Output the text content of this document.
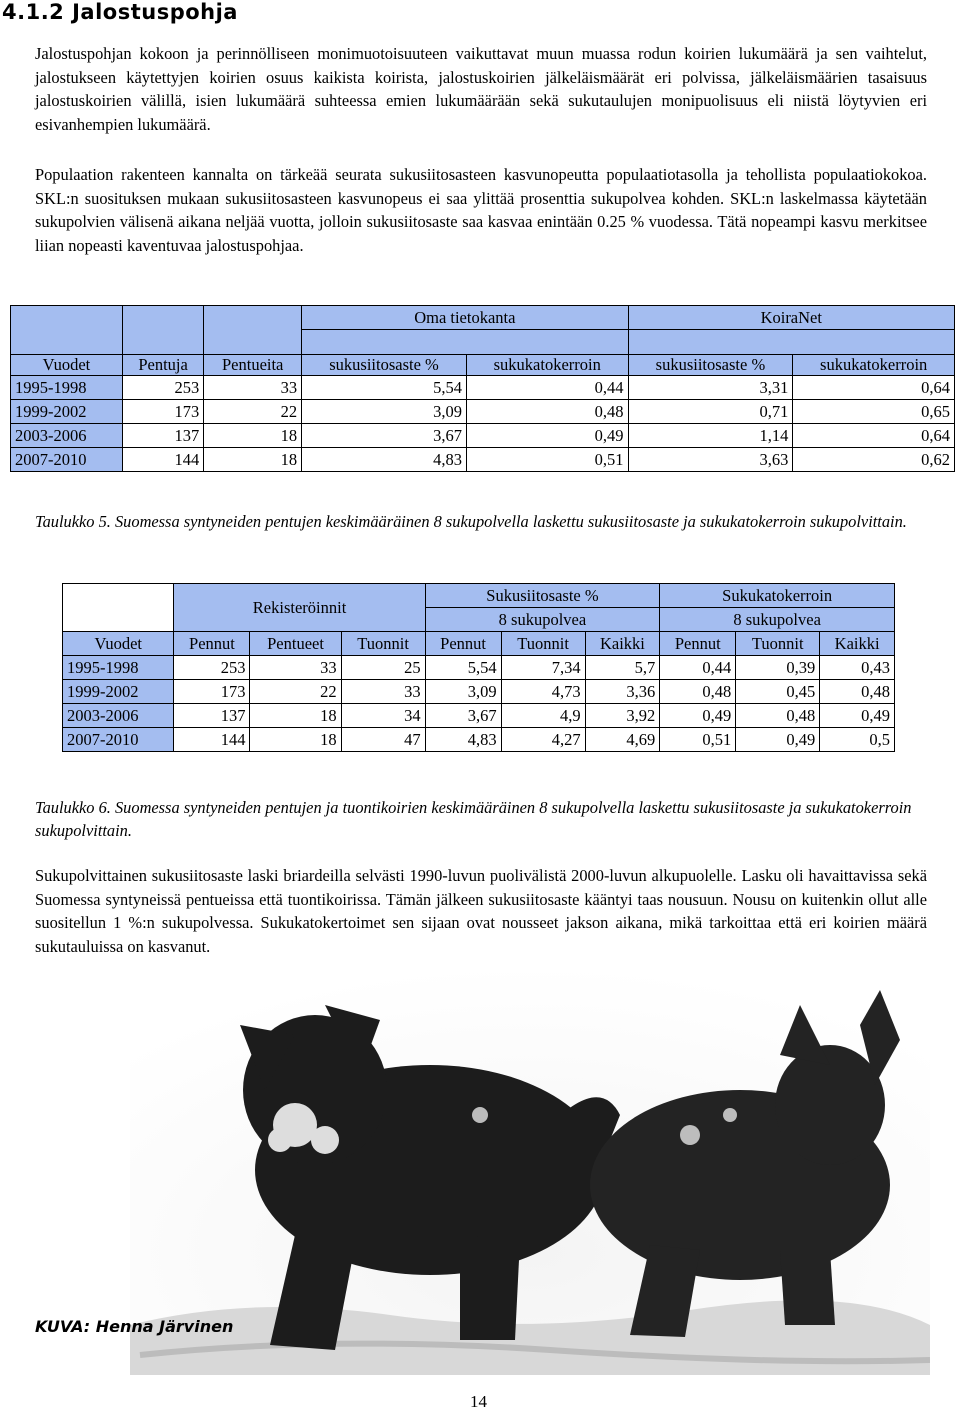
4.1.2 Jalostuspohja

Jalostuspohjan kokoon ja perinnölliseen monimuotoisuuteen vaikuttavat muun muassa rodun koirien lukumäärä ja sen vaihtelut, jalostukseen käytettyjen koirien osuus kaikista koirista, jalostuskoirien jälkeläismäärät eri polvissa, jälkeläismäärien tasaisuus jalostuskoirien välillä, isien lukumäärä suhteessa emien lukumäärään sekä sukutaulujen monipuolisuus eli niistä löytyvien eri esivanhempien lukumäärä.

Populaation rakenteen kannalta on tärkeää seurata sukusiitosasteen kasvunopeutta populaatiotasolla ja tehollista populaatiokokoa. SKL:n suosituksen mukaan sukusiitosasteen kasvunopeus ei saa ylittää prosenttia sukupolvea kohden. SKL:n laskelmassa käytetään sukupolvien välisenä aikana neljää vuotta, jolloin sukusiitosaste saa kasvaa enintään 0.25 % vuodessa. Tätä nopeampi kasvu merkitsee liian nopeasti kaventuvaa jalostuspohjaa.

			Oma tietokanta		KoiraNet	

Vuodet	Pentuja	Pentueita	sukusiitosaste %	sukukatokerroin	sukusiitosaste %	sukukatokerroin
1995-1998	253	33	5,54	0,44	3,31	0,64
1999-2002	173	22	3,09	0,48	0,71	0,65
2003-2006	137	18	3,67	0,49	1,14	0,64
2007-2010	144	18	4,83	0,51	3,63	0,62
Taulukko 5. Suomessa syntyneiden pentujen keskimääräinen 8 sukupolvella laskettu sukusiitosaste ja sukukatokerroin sukupolvittain.
	Rekisteröinnit			Sukusiitosaste %			Sukukatokerroin		
				8 sukupolvea			8 sukupolvea		
Vuodet	Pennut	Pentueet	Tuonnit	Pennut	Tuonnit	Kaikki	Pennut	Tuonnit	Kaikki
1995-1998	253	33	25	5,54	7,34	5,7	0,44	0,39	0,43
1999-2002	173	22	33	3,09	4,73	3,36	0,48	0,45	0,48
2003-2006	137	18	34	3,67	4,9	3,92	0,49	0,48	0,49
2007-2010	144	18	47	4,83	4,27	4,69	0,51	0,49	0,5
Taulukko 6. Suomessa syntyneiden pentujen ja tuontikoirien keskimääräinen 8 sukupolvella laskettu sukusiitosaste ja sukukatokerroin sukupolvittain.

Sukupolvittainen sukusiitosaste laski briardeilla selvästi 1990-luvun puolivälistä 2000-luvun alkupuolelle. Lasku oli havaittavissa sekä Suomessa syntyneissä pentueissa että tuontikoirissa. Tämän jälkeen sukusiitosaste kääntyi taas nousuun. Nousu on kuitenkin ollut alle suositellun 1 %:n sukupolvessa. Sukukatokertoimet sen sijaan ovat nousseet jakson aikana, mikä tarkoittaa että eri koirien määrä sukutauluissa on kasvanut.

KUVA: Henna Järvinen
14
